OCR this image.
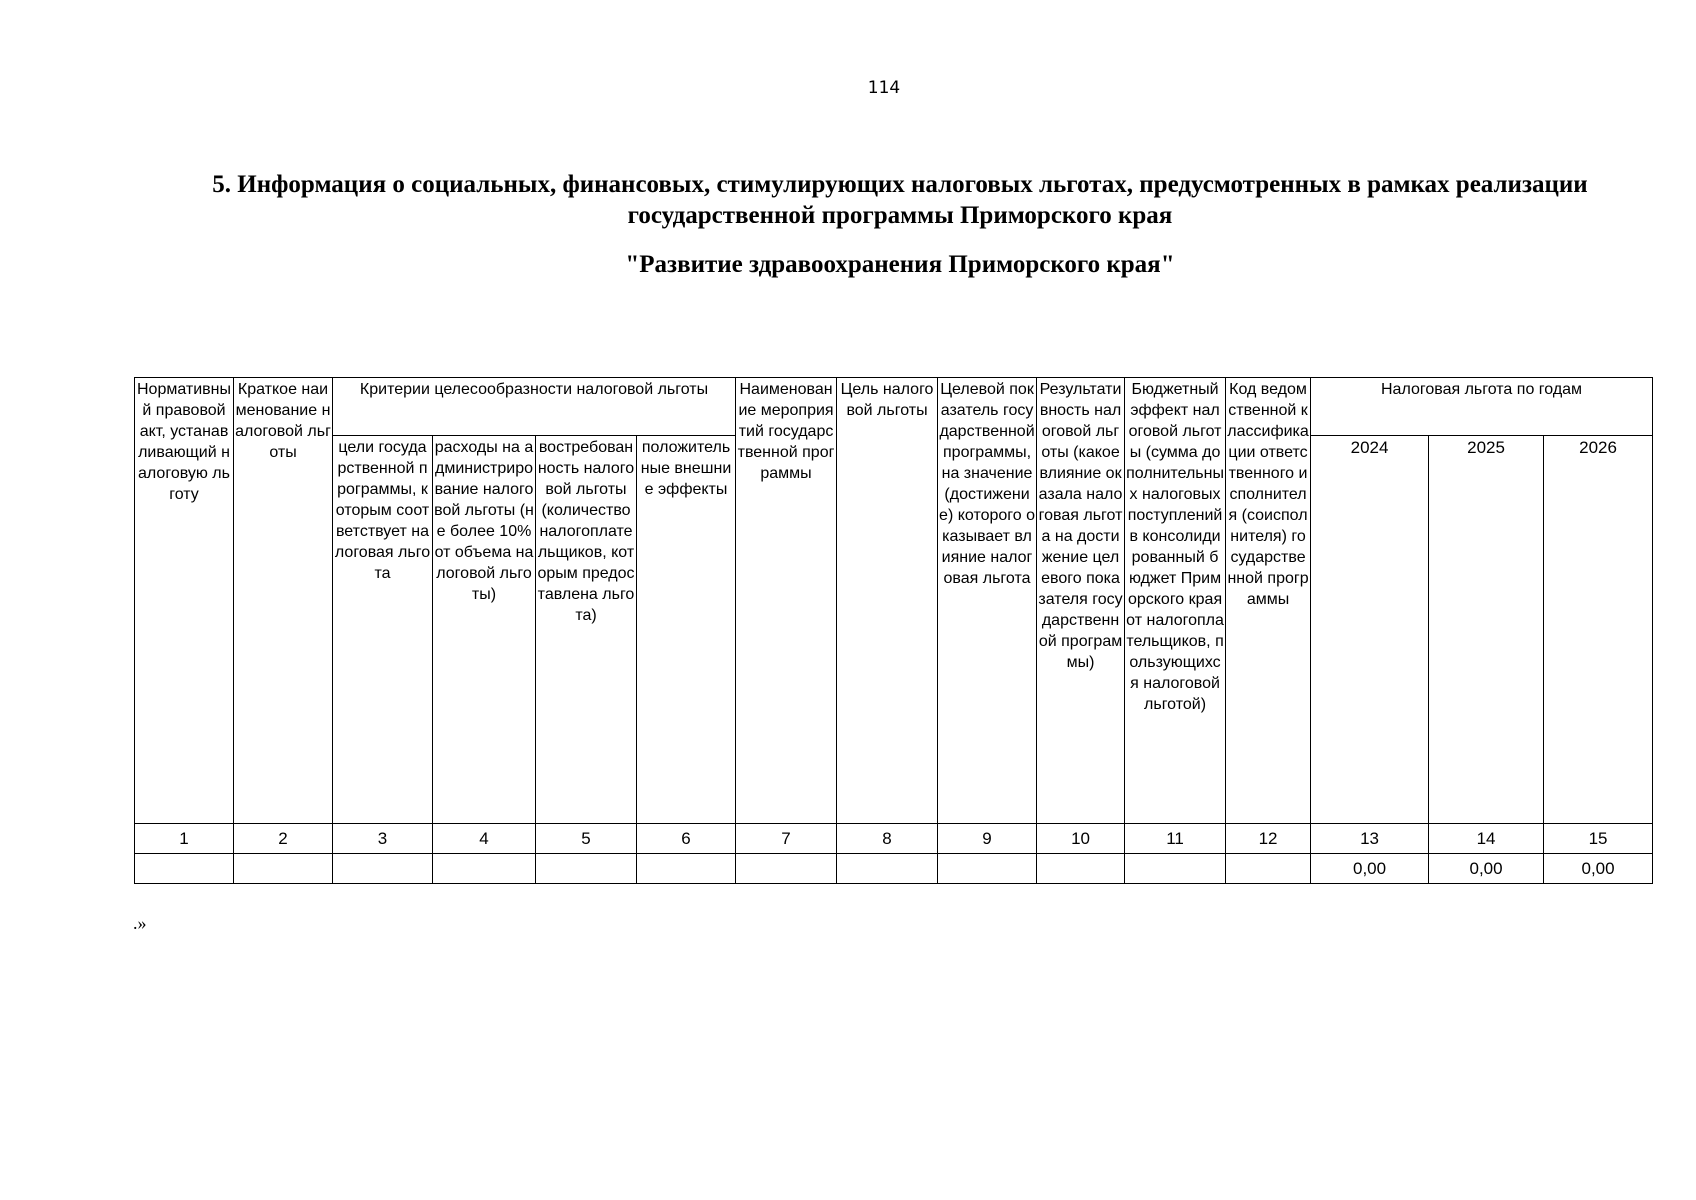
114
5. Информация о социальных, финансовых, стимулирующих налоговых льготах, предусмотренных в рамках реализации государственной программы Приморского края
"Развитие здравоохранения Приморского края"
Нормативный правовой акт, устанавливающий налоговую льготу	Краткое наименование налоговой льготы	Критерии целесообразности налоговой льготы				Наименование мероприятий государственной программы	Цель налоговой льготы	Целевой показатель государственной программы, на значение (достижение) которого оказывает влияние налоговая льгота	Результативность налоговой льготы (какое влияние оказала налоговая льгота на достижение целевого показателя государственной программы)	Бюджетный эффект налоговой льготы (сумма дополнительных налоговых поступлений в консолидированный бюджет Приморского края от налогоплательщиков, пользующихся налоговой льготой)	Код ведомственной классификации ответственного исполнителя (соисполнителя) государственной программы	Налоговая льгота по годам		
		цели государственной программы, которым соответствует налоговая льгота	расходы на администрирование налоговой льготы (не более 10% от объема налоговой льготы)	востребованность налоговой льготы (количество налогоплательщиков, которым предоставлена льгота)	положительные внешние эффекты							2024	2025	2026
1	2	3	4	5	6	7	8	9	10	11	12	13	14	15
												0,00	0,00	0,00
.»
